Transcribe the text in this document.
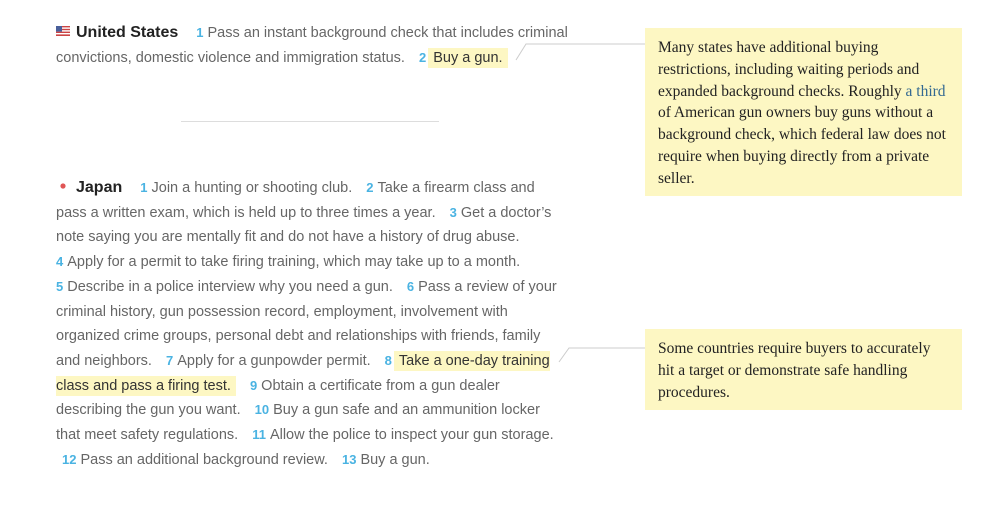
United States 1 Pass an instant background check that includes criminal convictions, domestic violence and immigration status. 2 Buy a gun.
Japan 1 Join a hunting or shooting club. 2 Take a firearm class and pass a written exam, which is held up to three times a year. 3 Get a doctor’s note saying you are mentally fit and do not have a history of drug abuse. 4 Apply for a permit to take firing training, which may take up to a month. 5 Describe in a police interview why you need a gun. 6 Pass a review of your criminal history, gun possession record, employment, involvement with organized crime groups, personal debt and relationships with friends, family and neighbors. 7 Apply for a gunpowder permit. 8 Take a one-day training class and pass a firing test. 9 Obtain a certificate from a gun dealer describing the gun you want. 10 Buy a gun safe and an ammunition locker that meet safety regulations. 11 Allow the police to inspect your gun storage. 12 Pass an additional background review. 13 Buy a gun.
Many states have additional buying restrictions, including waiting periods and expanded background checks. Roughly a third of American gun owners buy guns without a background check, which federal law does not require when buying directly from a private seller.
Some countries require buyers to accurately hit a target or demonstrate safe handling procedures.
